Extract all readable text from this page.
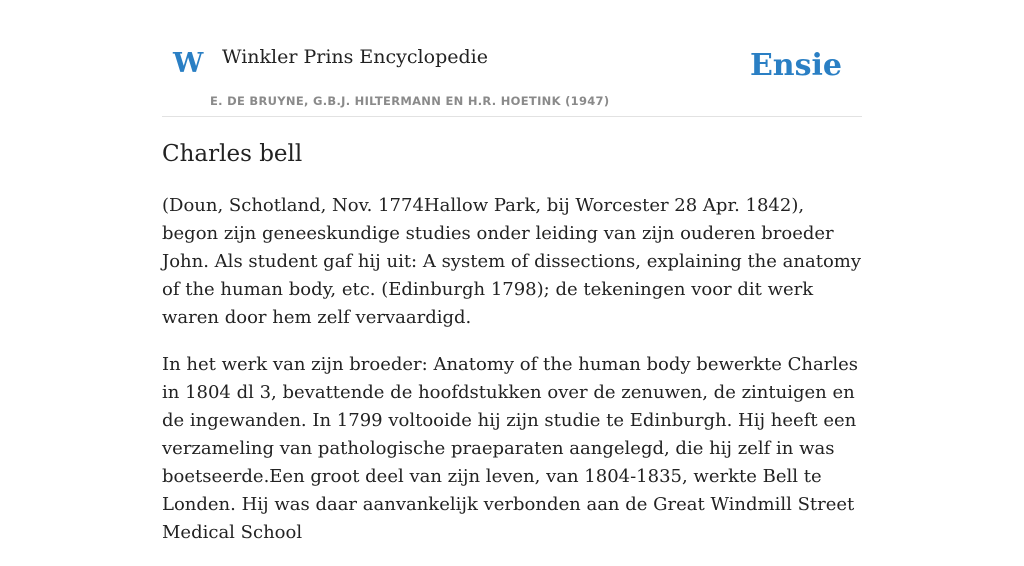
W Winkler Prins Encyclopedie
E. DE BRUYNE, G.B.J. HILTERMANN EN H.R. HOETINK (1947)
Ensie
Charles bell

(Doun, Schotland, Nov. 1774Hallow Park, bij Worcester 28 Apr. 1842), begon zijn geneeskundige studies onder leiding van zijn ouderen broeder John. Als student gaf hij uit: A system of dissections, explaining the anatomy of the human body, etc. (Edinburgh 1798); de tekeningen voor dit werk waren door hem zelf vervaardigd.

In het werk van zijn broeder: Anatomy of the human body bewerkte Charles in 1804 dl 3, bevattende de hoofdstukken over de zenuwen, de zintuigen en de ingewanden. In 1799 voltooide hij zijn studie te Edinburgh. Hij heeft een verzameling van pathologische praeparaten aangelegd, die hij zelf in was boetseerde.Een groot deel van zijn leven, van 1804-1835, werkte Bell te Londen. Hij was daar aanvankelijk verbonden aan de Great Windmill Street Medical School
